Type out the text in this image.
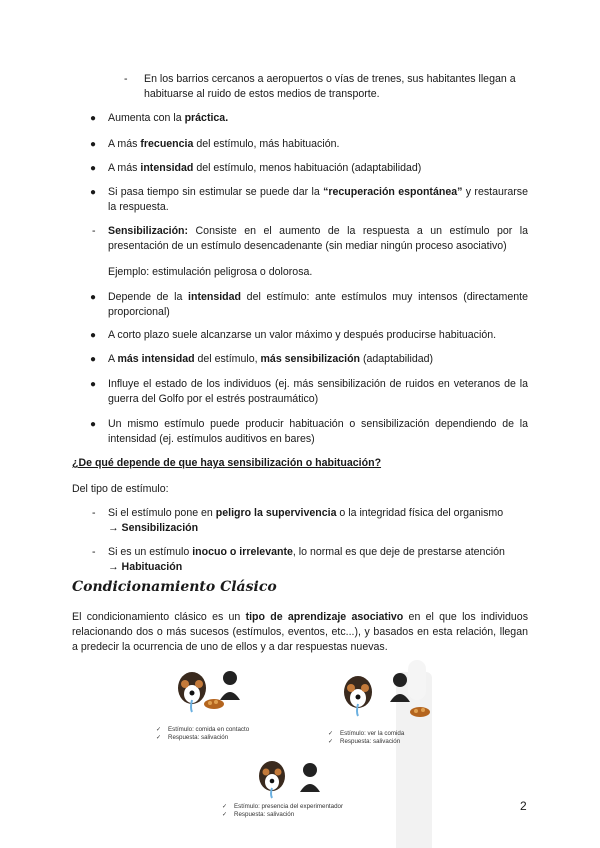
-	En los barrios cercanos a aeropuertos o vías de trenes, sus habitantes llegan a habituarse al ruido de estos medios de transporte.

●	Aumenta con la práctica.

●	A más frecuencia del estímulo, más habituación.

●	A más intensidad del estímulo, menos habituación (adaptabilidad)

●	Si pasa tiempo sin estimular se puede dar la “recuperación espontánea” y restaurarse la respuesta.

-	Sensibilización: Consiste en el aumento de la respuesta a un estímulo por la presentación de un estímulo desencadenante (sin mediar ningún proceso asociativo)

Ejemplo: estimulación peligrosa o dolorosa.

●	Depende de la intensidad del estímulo: ante estímulos muy intensos (directamente proporcional)

●	A corto plazo suele alcanzarse un valor máximo y después producirse habituación.

●	A más intensidad del estímulo, más sensibilización (adaptabilidad)

●	Influye el estado de los individuos (ej. más sensibilización de ruidos en veteranos de la guerra del Golfo por el estrés postraumático)

●	Un mismo estímulo puede producir habituación o sensibilización dependiendo de la intensidad (ej. estímulos auditivos en bares)

¿De qué depende de que haya sensibilización o habituación?

Del tipo de estímulo:

-	Si el estímulo pone en peligro la supervivencia o la integridad física del organismo
→ Sensibilización

-	Si es un estímulo inocuo o irrelevante, lo normal es que deje de prestarse atención
→ Habituación

Condicionamiento Clásico

El condicionamiento clásico es un tipo de aprendizaje asociativo en el que los individuos relacionando dos o más sucesos (estímulos, eventos, etc...), y basados en esta relación, llegan a predecir la ocurrencia de uno de ellos y a dar respuestas nuevas.

✓ Estímulo: comida en contacto
✓ Respuesta: salivación
✓ Estímulo: ver la comida
✓ Respuesta: salivación
✓ Estímulo: presencia del experimentador
✓ Respuesta: salivación
2
